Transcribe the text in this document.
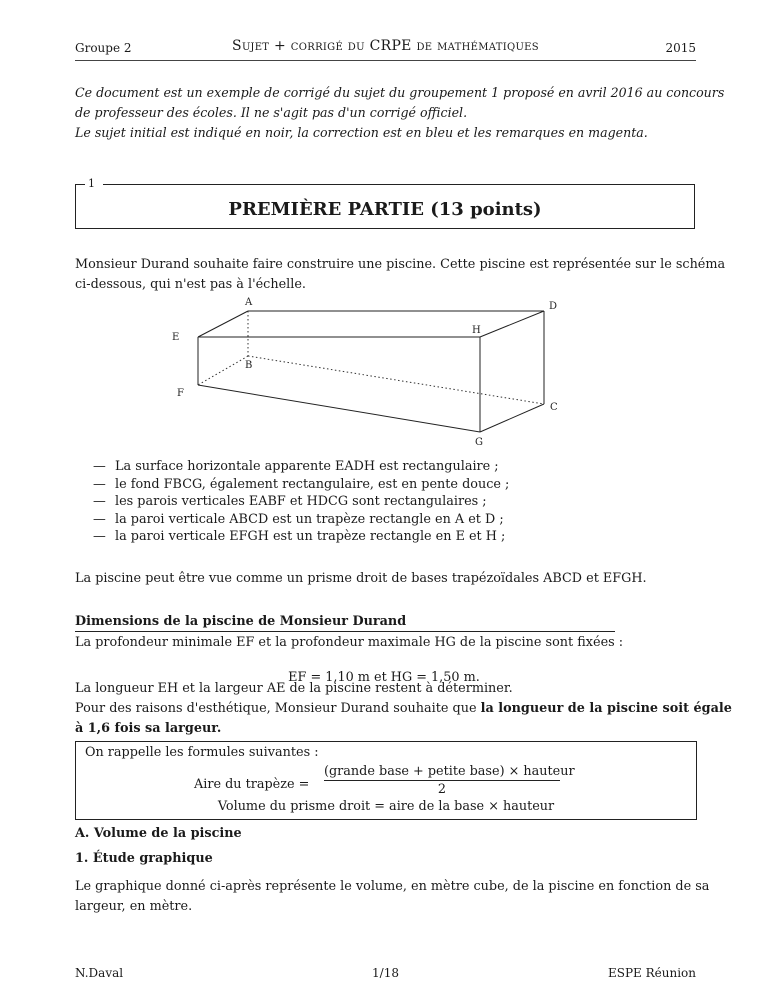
Groupe 2	Sujet + corrigé du CRPE de mathématiques	2015
Ce document est un exemple de corrigé du sujet du groupement 1 proposé en avril 2016 au concours
de professeur des écoles. Il ne s'agit pas d'un corrigé officiel.
Le sujet initial est indiqué en noir, la correction est en bleu et les remarques en magenta.
1
PREMIÈRE PARTIE (13 points)
Monsieur Durand souhaite faire construire une piscine. Cette piscine est représentée sur le schéma
ci-dessous, qui n'est pas à l'échelle.
A	D
E
H
B
F
C
G
— La surface horizontale apparente EADH est rectangulaire ;
— le fond FBCG, également rectangulaire, est en pente douce ;
— les parois verticales EABF et HDCG sont rectangulaires ;
— la paroi verticale ABCD est un trapèze rectangle en A et D ;
— la paroi verticale EFGH est un trapèze rectangle en E et H ;
La piscine peut être vue comme un prisme droit de bases trapézoïdales ABCD et EFGH.
Dimensions de la piscine de Monsieur Durand
La profondeur minimale EF et la profondeur maximale HG de la piscine sont fixées :
EF = 1,10 m et HG = 1,50 m.
La longueur EH et la largeur AE de la piscine restent à déterminer.
Pour des raisons d'esthétique, Monsieur Durand souhaite que la longueur de la piscine soit égale
à 1,6 fois sa largeur.
On rappelle les formules suivantes :
Aire du trapèze =
(grande base + petite base) × hauteur
2
Volume du prisme droit = aire de la base × hauteur
A. Volume de la piscine
1. Étude graphique
Le graphique donné ci-après représente le volume, en mètre cube, de la piscine en fonction de sa
largeur, en mètre.
N.Daval	1/18	ESPE Réunion
